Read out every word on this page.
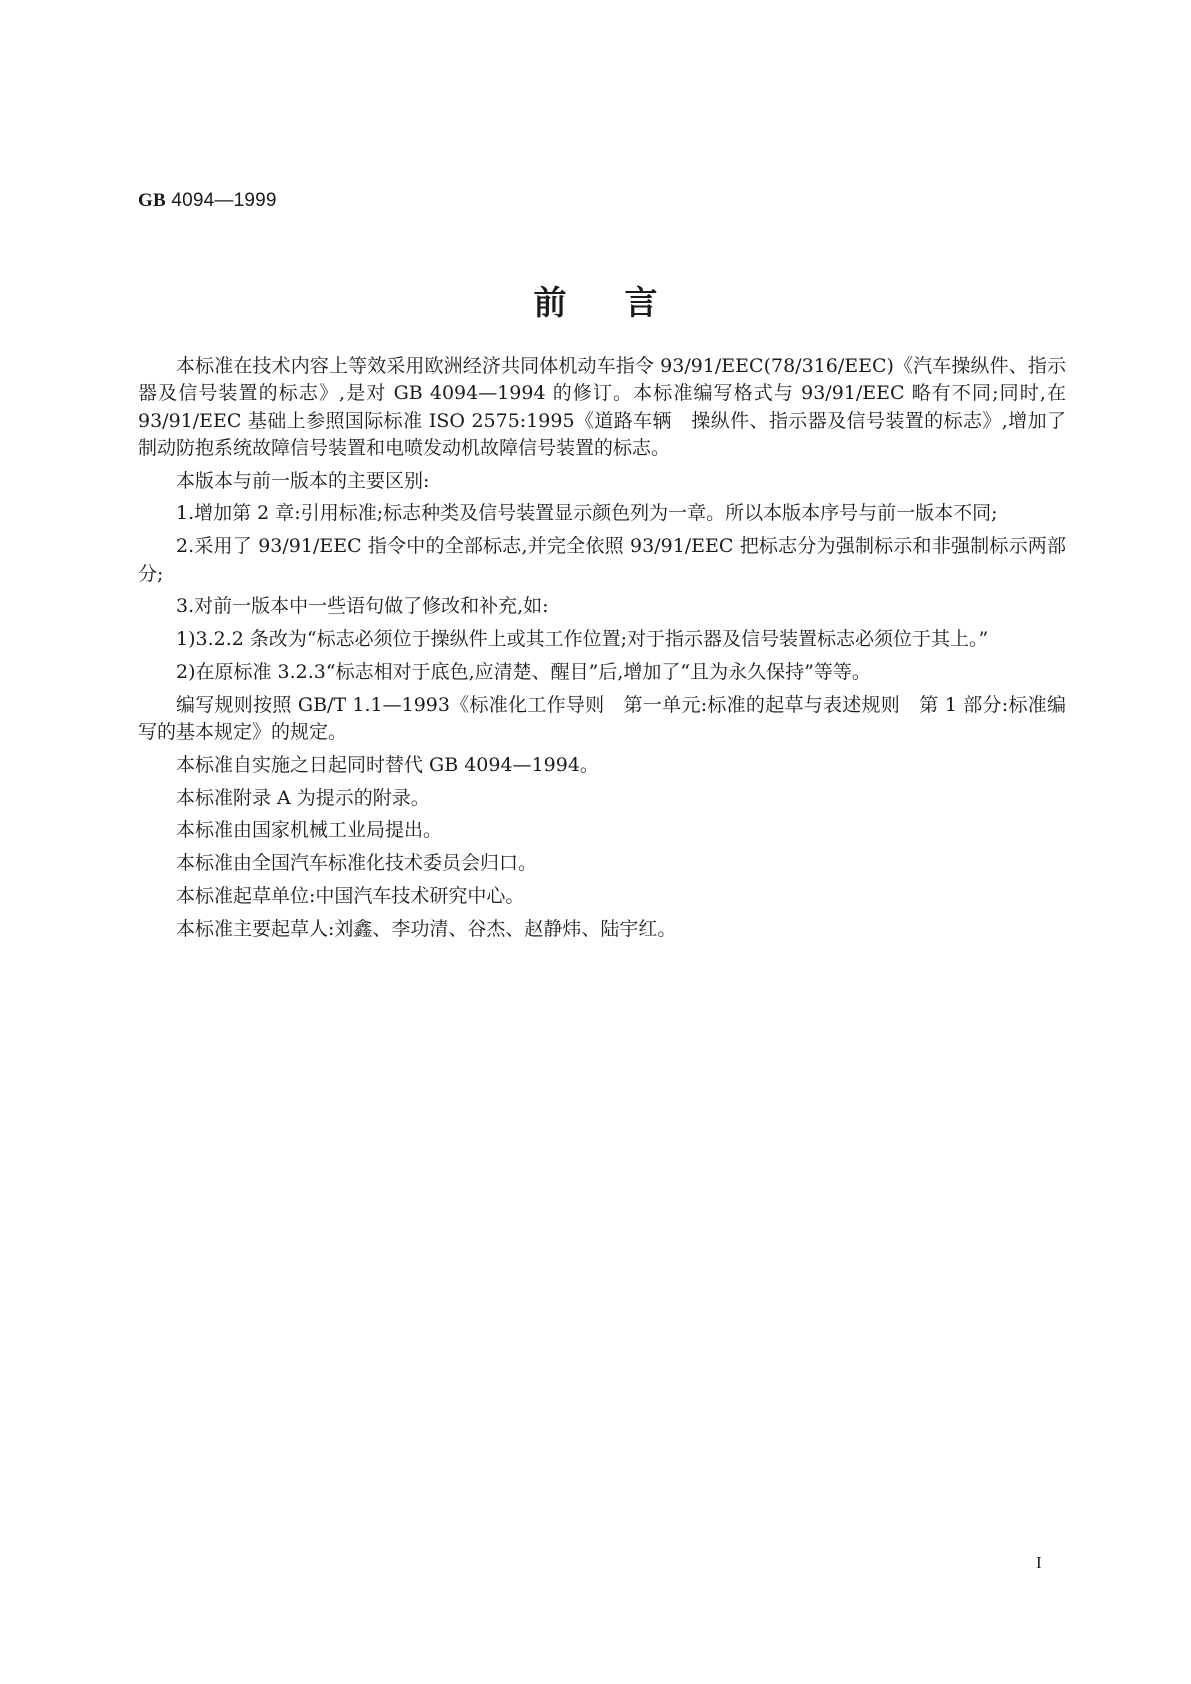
GB 4094—1999
前言

本标准在技术内容上等效采用欧洲经济共同体机动车指令 93/91/EEC(78/316/EEC)《汽车操纵件、指示器及信号装置的标志》,是对 GB 4094—1994 的修订。本标准编写格式与 93/91/EEC 略有不同;同时,在 93/91/EEC 基础上参照国际标准 ISO 2575:1995《道路车辆　操纵件、指示器及信号装置的标志》,增加了制动防抱系统故障信号装置和电喷发动机故障信号装置的标志。

本版本与前一版本的主要区别:

1.增加第 2 章:引用标准;标志种类及信号装置显示颜色列为一章。所以本版本序号与前一版本不同;

2.采用了 93/91/EEC 指令中的全部标志,并完全依照 93/91/EEC 把标志分为强制标示和非强制标示两部分;

3.对前一版本中一些语句做了修改和补充,如:

1)3.2.2 条改为“标志必须位于操纵件上或其工作位置;对于指示器及信号装置标志必须位于其上。”

2)在原标准 3.2.3“标志相对于底色,应清楚、醒目”后,增加了“且为永久保持”等等。

编写规则按照 GB/T 1.1—1993《标准化工作导则　第一单元:标准的起草与表述规则　第 1 部分:标准编写的基本规定》的规定。

本标准自实施之日起同时替代 GB 4094—1994。

本标准附录 A 为提示的附录。

本标准由国家机械工业局提出。

本标准由全国汽车标准化技术委员会归口。

本标准起草单位:中国汽车技术研究中心。

本标准主要起草人:刘鑫、李功清、谷杰、赵静炜、陆宇红。

I
